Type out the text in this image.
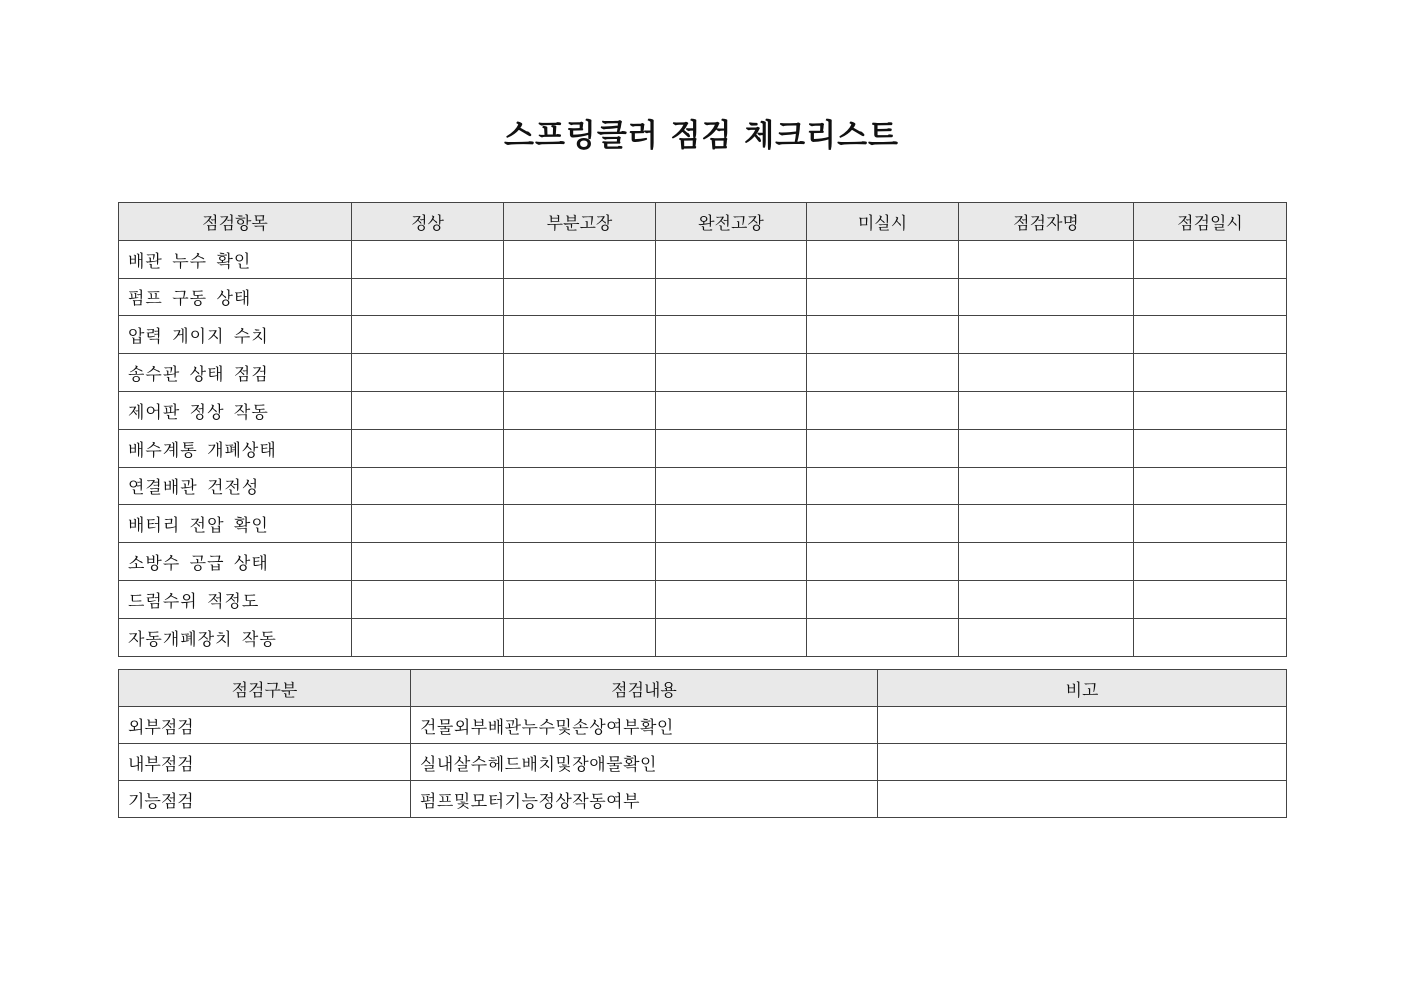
스프링클러 점검 체크리스트
점검항목	정상	부분고장	완전고장	미실시	점검자명	점검일시
배관 누수 확인						
펌프 구동 상태						
압력 게이지 수치						
송수관 상태 점검						
제어판 정상 작동						
배수계통 개폐상태						
연결배관 건전성						
배터리 전압 확인						
소방수 공급 상태						
드럼수위 적정도						
자동개폐장치 작동						
점검구분	점검내용	비고
외부점검	건물외부배관누수및손상여부확인	
내부점검	실내살수헤드배치및장애물확인	
기능점검	펌프및모터기능정상작동여부	
